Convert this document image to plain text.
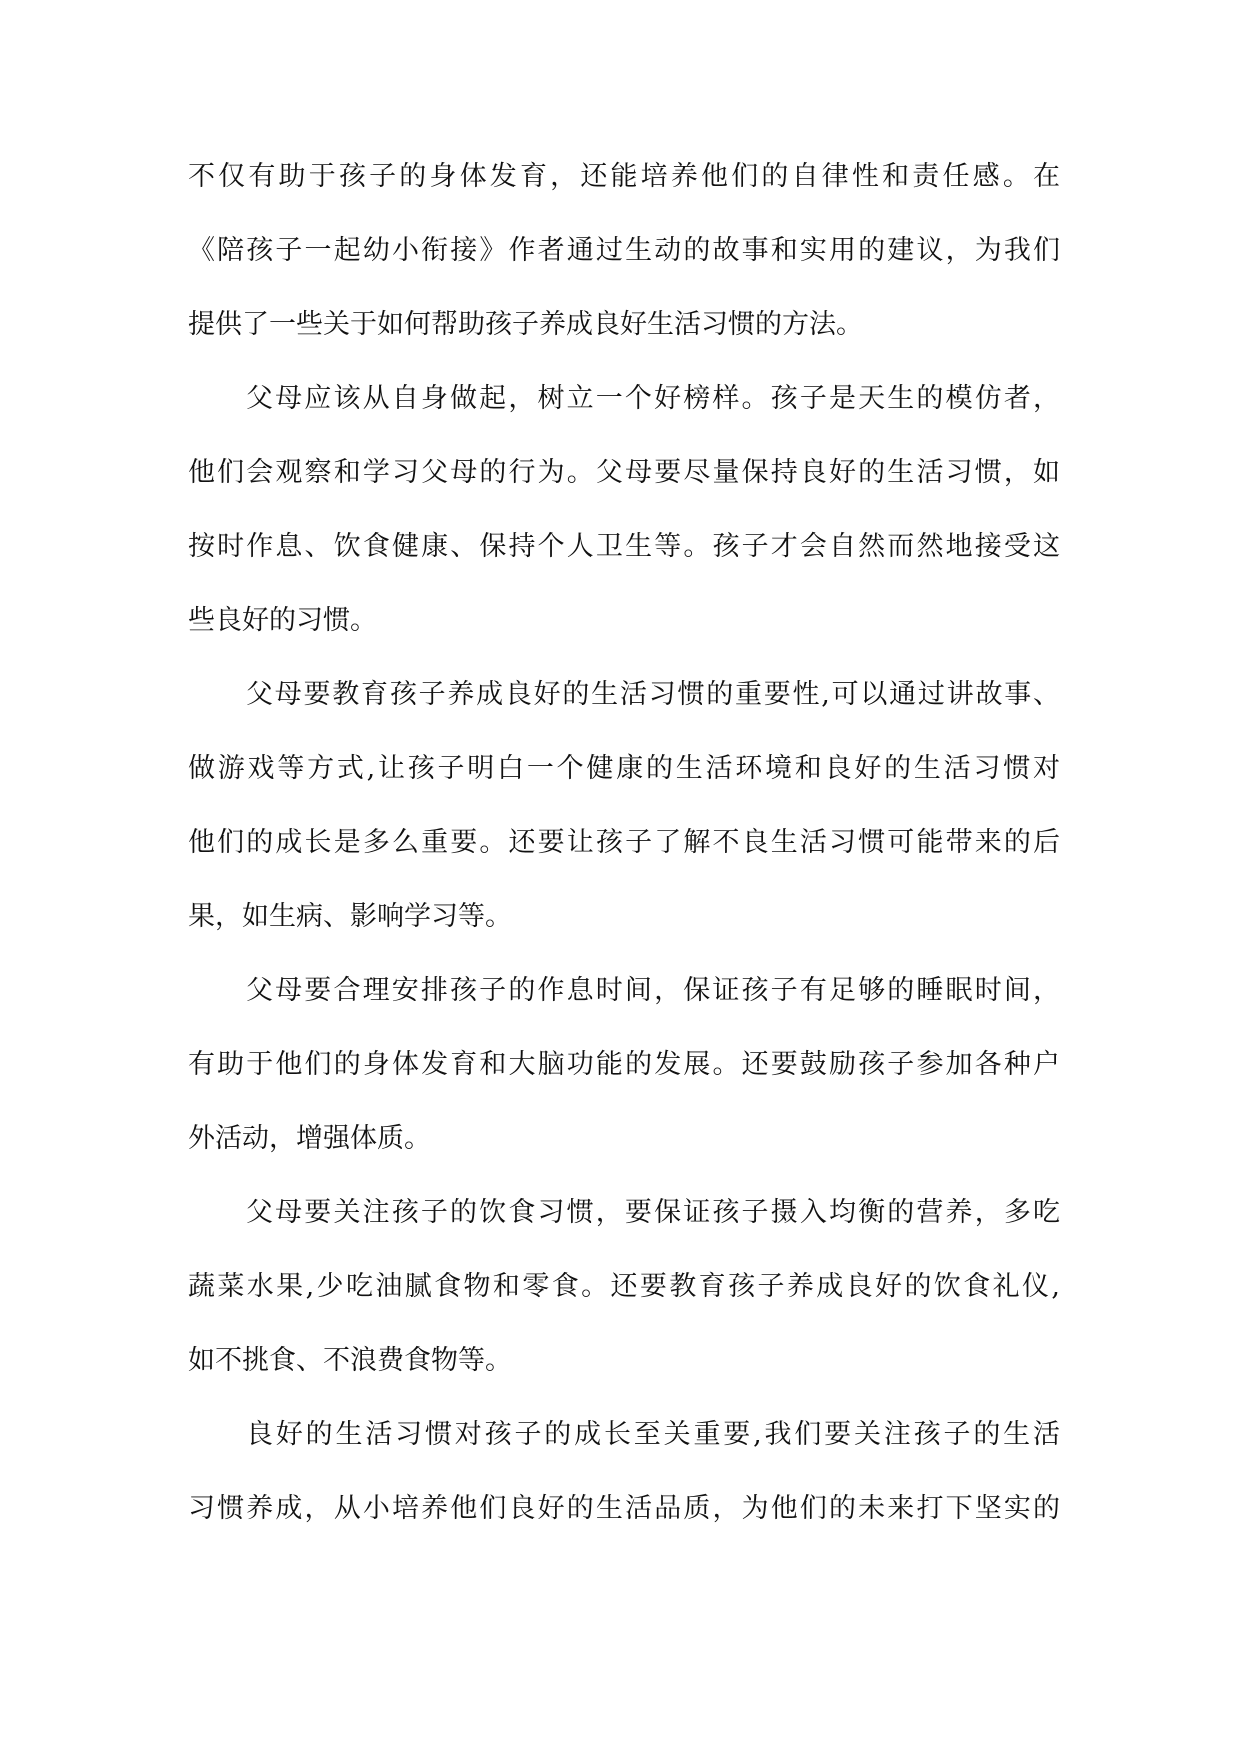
不仅有助于孩子的身体发育，还能培养他们的自律性和责任感。在
《陪孩子一起幼小衔接》作者通过生动的故事和实用的建议，为我们
提供了一些关于如何帮助孩子养成良好生活习惯的方法。
父母应该从自身做起，树立一个好榜样。孩子是天生的模仿者，
他们会观察和学习父母的行为。父母要尽量保持良好的生活习惯，如
按时作息、饮食健康、保持个人卫生等。孩子才会自然而然地接受这
些良好的习惯。
父母要教育孩子养成良好的生活习惯的重要性,可以通过讲故事、
做游戏等方式,让孩子明白一个健康的生活环境和良好的生活习惯对
他们的成长是多么重要。还要让孩子了解不良生活习惯可能带来的后
果，如生病、影响学习等。
父母要合理安排孩子的作息时间，保证孩子有足够的睡眠时间，
有助于他们的身体发育和大脑功能的发展。还要鼓励孩子参加各种户
外活动，增强体质。
父母要关注孩子的饮食习惯，要保证孩子摄入均衡的营养，多吃
蔬菜水果,少吃油腻食物和零食。还要教育孩子养成良好的饮食礼仪,
如不挑食、不浪费食物等。
良好的生活习惯对孩子的成长至关重要,我们要关注孩子的生活
习惯养成，从小培养他们良好的生活品质，为他们的未来打下坚实的
